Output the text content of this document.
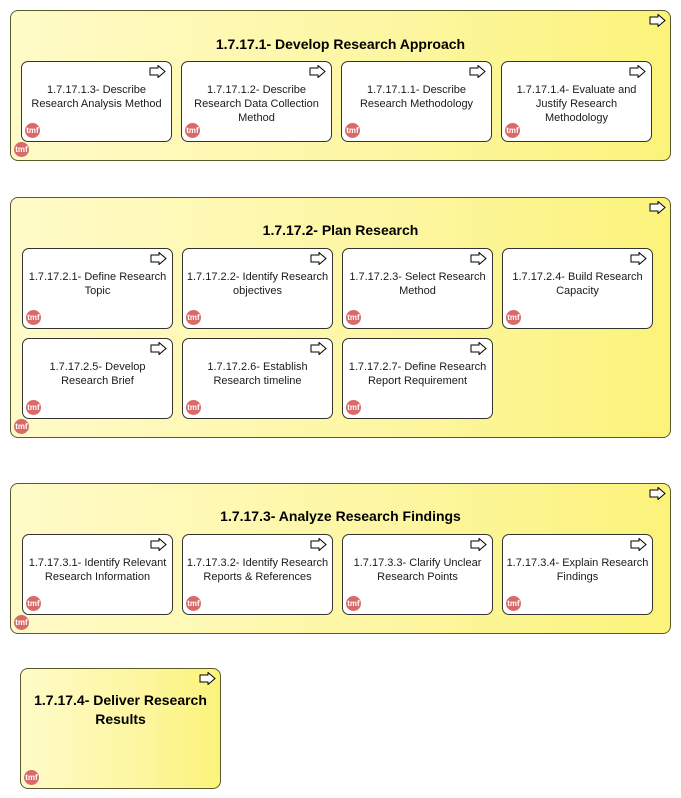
1.7.17.1- Develop Research Approach
tmf
1.7.17.1.3- Describe Research Analysis Method
tmf
1.7.17.1.2- Describe Research Data Collection Method
tmf
1.7.17.1.1- Describe Research Methodology
tmf
1.7.17.1.4- Evaluate and Justify Research Methodology
tmf
1.7.17.2- Plan Research
tmf
1.7.17.2.1- Define Research Topic
tmf
1.7.17.2.2- Identify Research objectives
tmf
1.7.17.2.3- Select Research Method
tmf
1.7.17.2.4- Build Research Capacity
tmf
1.7.17.2.5- Develop Research Brief
tmf
1.7.17.2.6- Establish Research timeline
tmf
1.7.17.2.7- Define Research Report Requirement
tmf
1.7.17.3- Analyze Research Findings
tmf
1.7.17.3.1- Identify Relevant Research Information
tmf
1.7.17.3.2- Identify Research Reports & References
tmf
1.7.17.3.3- Clarify Unclear Research Points
tmf
1.7.17.3.4- Explain Research Findings
tmf
1.7.17.4- Deliver Research Results
tmf
